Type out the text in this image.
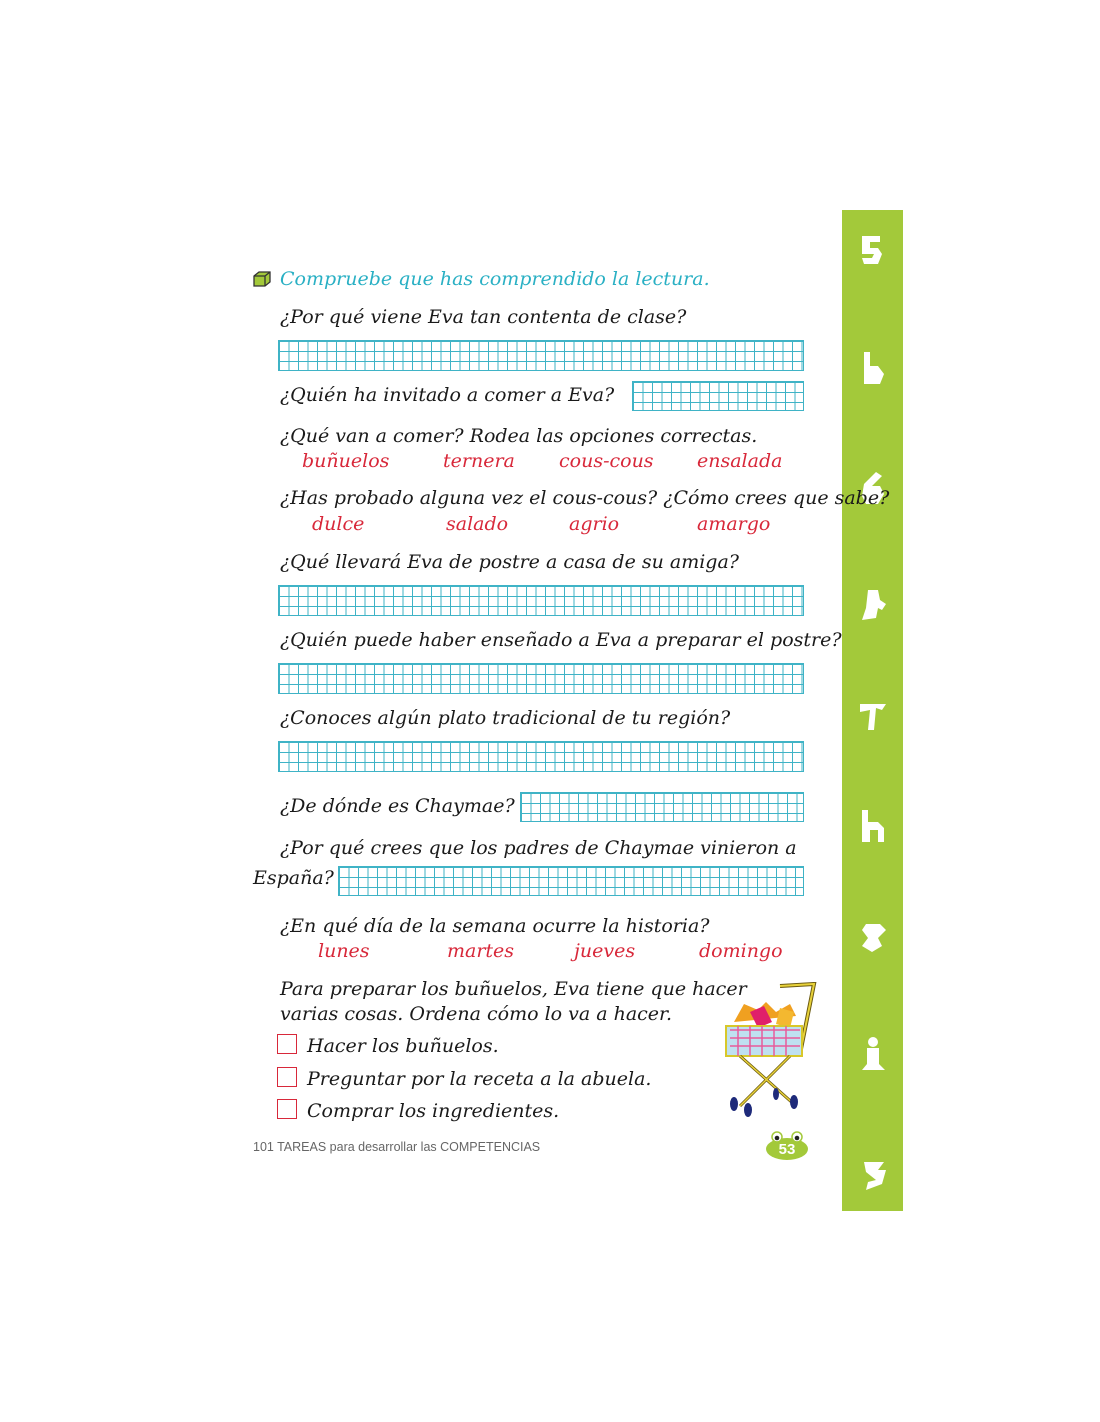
Compruebe que has comprendido la lectura.
¿Por qué viene Eva tan contenta de clase?
¿Quién ha invitado a comer a Eva?
¿Qué van a comer? Rodea las opciones correctas.
buñuelos	ternera cous-cous ensalada
¿Has probado alguna vez el cous-cous? ¿Cómo crees que sabe?
dulce	salado	agrio	amargo
¿Qué llevará Eva de postre a casa de su amiga?
¿Quién puede haber enseñado a Eva a preparar el postre?
¿Conoces algún plato tradicional de tu región?
¿De dónde es Chaymae?
¿Por qué crees que los padres de Chaymae vinieron a
España?
¿En qué día de la semana ocurre la historia?
lunes	martes	jueves	domingo
Para preparar los buñuelos, Eva tiene que hacer
varias cosas. Ordena cómo lo va a hacer.
Hacer los buñuelos.
Preguntar por la receta a la abuela.
Comprar los ingredientes.
101 TAREAS para desarrollar las COMPETENCIAS	53
